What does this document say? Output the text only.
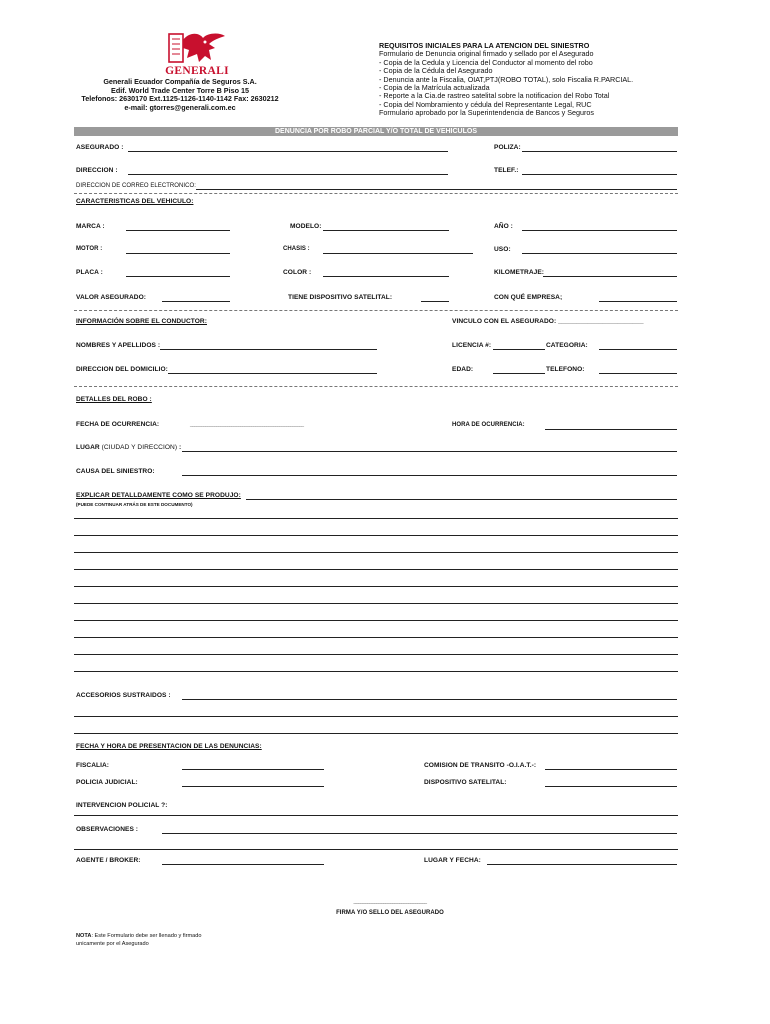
GENERALI
Generali Ecuador Compañía de Seguros S.A.
Edif. World Trade Center Torre B Piso 15
Telefonos: 2630170 Ext.1125-1126-1140-1142 Fax: 2630212
e-mail: gtorres@generali.com.ec
REQUISITOS INICIALES PARA LA ATENCION DEL SINIESTRO
Formulario de Denuncia original firmado y sellado por el Asegurado
- Copia de la Cedula y Licencia del Conductor al momento del robo
- Copia de la Cédula del Asegurado
- Denuncia ante la Fiscalia, OIAT,PTJ(ROBO TOTAL), solo Fiscalia R.PARCIAL.
- Copia de la Matrícula actualizada
- Reporte a la Cia.de rastreo satelital sobre la notificacion del Robo Total
- Copia del Nombramiento y cédula del Representante Legal, RUC
Formulario aprobado por la Superintendencia de Bancos y Seguros
DENUNCIA POR ROBO PARCIAL Y/O TOTAL DE VEHICULOS
ASEGURADO :	POLIZA:
DIRECCION :	TELEF.:
DIRECCION DE CORREO ELECTRONICO:
CARACTERISTICAS DEL VEHICULO:
MARCA :	MODELO:	AÑO :
MOTOR :	CHASIS :	USO:
PLACA :	COLOR :	KILOMETRAJE:
VALOR ASEGURADO:	TIENE DISPOSITIVO SATELITAL:	CON QUÉ EMPRESA;
INFORMACIÓN SOBRE EL CONDUCTOR:	VINCULO CON EL ASEGURADO: _______________________
NOMBRES Y APELLIDOS :	LICENCIA #:	CATEGORIA:
DIRECCION DEL DOMICILIO:	EDAD:	TELEFONO:
DETALLES DEL ROBO :
FECHA DE OCURRENCIA:	____________________________________________________	HORA DE OCURRENCIA:
LUGAR (CIUDAD Y DIRECCION) :
CAUSA DEL SINIESTRO:
EXPLICAR DETALLDAMENTE COMO SE PRODUJO:
(PUEDE CONTINUAR ATRÁS DE ESTE DOCUMENTO)
ACCESORIOS SUSTRAIDOS :
FECHA Y HORA DE PRESENTACION DE LAS DENUNCIAS:
FISCALIA:	COMISION DE TRANSITO -O.I.A.T.-:
POLICIA JUDICIAL:	DISPOSITIVO SATELITAL:
INTERVENCION POLICIAL ?:
OBSERVACIONES :
AGENTE / BROKER:	LUGAR Y FECHA:
________________________________
FIRMA Y/O SELLO DEL ASEGURADO
NOTA: Este Formulario debe ser llenado y firmado
unicamente por el Asegurado
